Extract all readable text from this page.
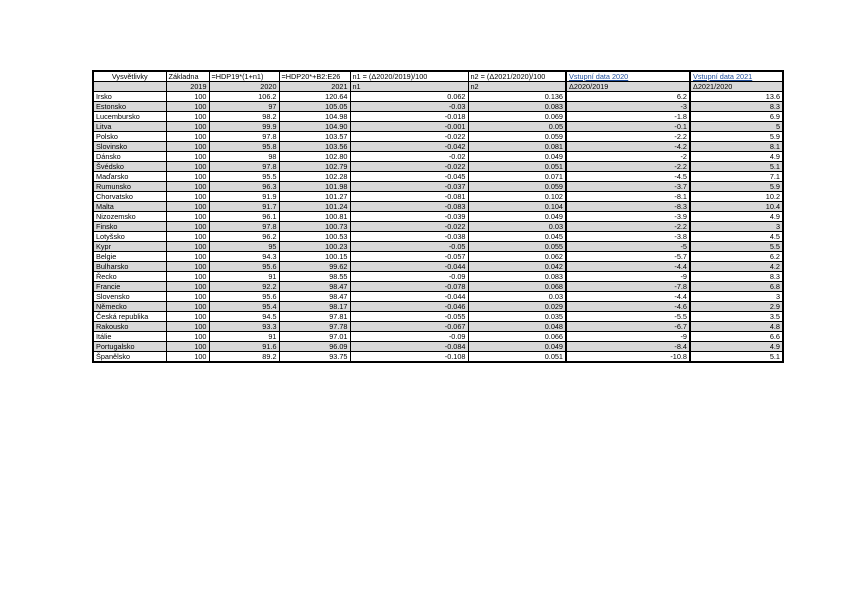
Vysvětlivky	Základna	=HDP19*(1+n1)	=HDP20*+B2:E26	n1 = (Δ2020/2019)/100	n2 = (Δ2021/2020)/100	Vstupní data 2020	Vstupní data 2021
	2019	2020	2021	n1	n2	Δ2020/2019	Δ2021/2020
Irsko	100	106.2	120.64	0.062	0.136	6.2	13.6
Estonsko	100	97	105.05	-0.03	0.083	-3	8.3
Lucembursko	100	98.2	104.98	-0.018	0.069	-1.8	6.9
Litva	100	99.9	104.90	-0.001	0.05	-0.1	5
Polsko	100	97.8	103.57	-0.022	0.059	-2.2	5.9
Slovinsko	100	95.8	103.56	-0.042	0.081	-4.2	8.1
Dánsko	100	98	102.80	-0.02	0.049	-2	4.9
Švédsko	100	97.8	102.79	-0.022	0.051	-2.2	5.1
Maďarsko	100	95.5	102.28	-0.045	0.071	-4.5	7.1
Rumunsko	100	96.3	101.98	-0.037	0.059	-3.7	5.9
Chorvatsko	100	91.9	101.27	-0.081	0.102	-8.1	10.2
Malta	100	91.7	101.24	-0.083	0.104	-8.3	10.4
Nizozemsko	100	96.1	100.81	-0.039	0.049	-3.9	4.9
Finsko	100	97.8	100.73	-0.022	0.03	-2.2	3
Lotyšsko	100	96.2	100.53	-0.038	0.045	-3.8	4.5
Kypr	100	95	100.23	-0.05	0.055	-5	5.5
Belgie	100	94.3	100.15	-0.057	0.062	-5.7	6.2
Bulharsko	100	95.6	99.62	-0.044	0.042	-4.4	4.2
Řecko	100	91	98.55	-0.09	0.083	-9	8.3
Francie	100	92.2	98.47	-0.078	0.068	-7.8	6.8
Slovensko	100	95.6	98.47	-0.044	0.03	-4.4	3
Německo	100	95.4	98.17	-0.046	0.029	-4.6	2.9
Česká republika	100	94.5	97.81	-0.055	0.035	-5.5	3.5
Rakousko	100	93.3	97.78	-0.067	0.048	-6.7	4.8
Itálie	100	91	97.01	-0.09	0.066	-9	6.6
Portugalsko	100	91.6	96.09	-0.084	0.049	-8.4	4.9
Španělsko	100	89.2	93.75	-0.108	0.051	-10.8	5.1
